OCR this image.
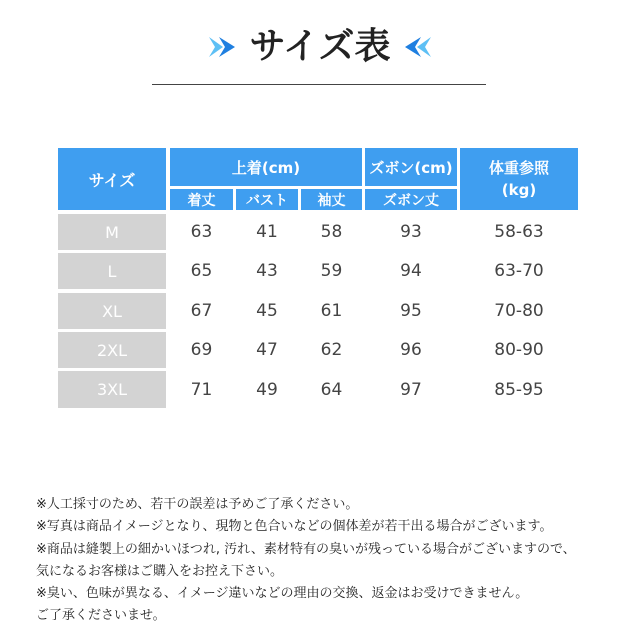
サイズ表
サイズ
上着(cm)
着丈	バスト	袖丈
ズボン(cm)
ズボン丈
体重参照
(kg)
M	63	41	58	93	58-63
L	65	43	59	94	63-70
XL	67	45	61	95	70-80
2XL	69	47	62	96	80-90
3XL	71	49	64	97	85-95
※人工採寸のため、若干の誤差は予めご了承ください。
※写真は商品イメージとなり、現物と色合いなどの個体差が若干出る場合がございます。
※商品は縫製上の細かいほつれ, 汚れ、素材特有の臭いが残っている場合がございますので、
気になるお客様はご購入をお控え下さい。
※臭い、色味が異なる、イメージ違いなどの理由の交換、返金はお受けできません。
ご了承くださいませ。
